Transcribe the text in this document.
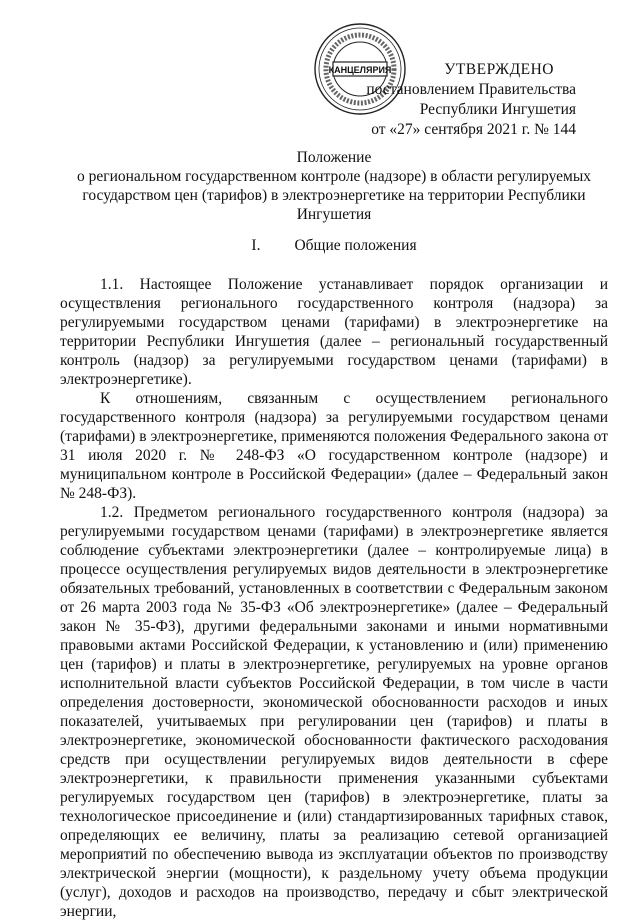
КАНЦЕЛЯРИЯ	УТВЕРЖДЕНО
постановлением Правительства
Республики Ингушетия
от «27» сентября 2021 г. № 144
Положение
о региональном государственном контроле (надзоре) в области регулируемых
государством цен (тарифов) в электроэнергетике на территории Республики
Ингушетия
I. Общие положения

1.1. Настоящее Положение устанавливает порядок организации и осуществления регионального государственного контроля (надзора) за регулируемыми государством ценами (тарифами) в электроэнергетике на территории Республики Ингушетия (далее – региональный государственный контроль (надзор) за регулируемыми государством ценами (тарифами) в электроэнергетике).

К отношениям, связанным с осуществлением регионального государственного контроля (надзора) за регулируемыми государством ценами (тарифами) в электроэнергетике, применяются положения Федерального закона от 31 июля 2020 г. № 248-ФЗ «О государственном контроле (надзоре) и муниципальном контроле в Российской Федерации» (далее – Федеральный закон № 248-ФЗ).

1.2. Предметом регионального государственного контроля (надзора) за регулируемыми государством ценами (тарифами) в электроэнергетике является соблюдение субъектами электроэнергетики (далее – контролируемые лица) в процессе осуществления регулируемых видов деятельности в электроэнергетике обязательных требований, установленных в соответствии с Федеральным законом от 26 марта 2003 года № 35-ФЗ «Об электроэнергетике» (далее – Федеральный закон № 35-ФЗ), другими федеральными законами и иными нормативными правовыми актами Российской Федерации, к установлению и (или) применению цен (тарифов) и платы в электроэнергетике, регулируемых на уровне органов исполнительной власти субъектов Российской Федерации, в том числе в части определения достоверности, экономической обоснованности расходов и иных показателей, учитываемых при регулировании цен (тарифов) и платы в электроэнергетике, экономической обоснованности фактического расходования средств при осуществлении регулируемых видов деятельности в сфере электроэнергетики, к правильности применения указанными субъектами регулируемых государством цен (тарифов) в электроэнергетике, платы за технологическое присоединение и (или) стандартизированных тарифных ставок, определяющих ее величину, платы за реализацию сетевой организацией мероприятий по обеспечению вывода из эксплуатации объектов по производству электрической энергии (мощности), к раздельному учету объема продукции (услуг), доходов и расходов на производство, передачу и сбыт электрической энергии,
